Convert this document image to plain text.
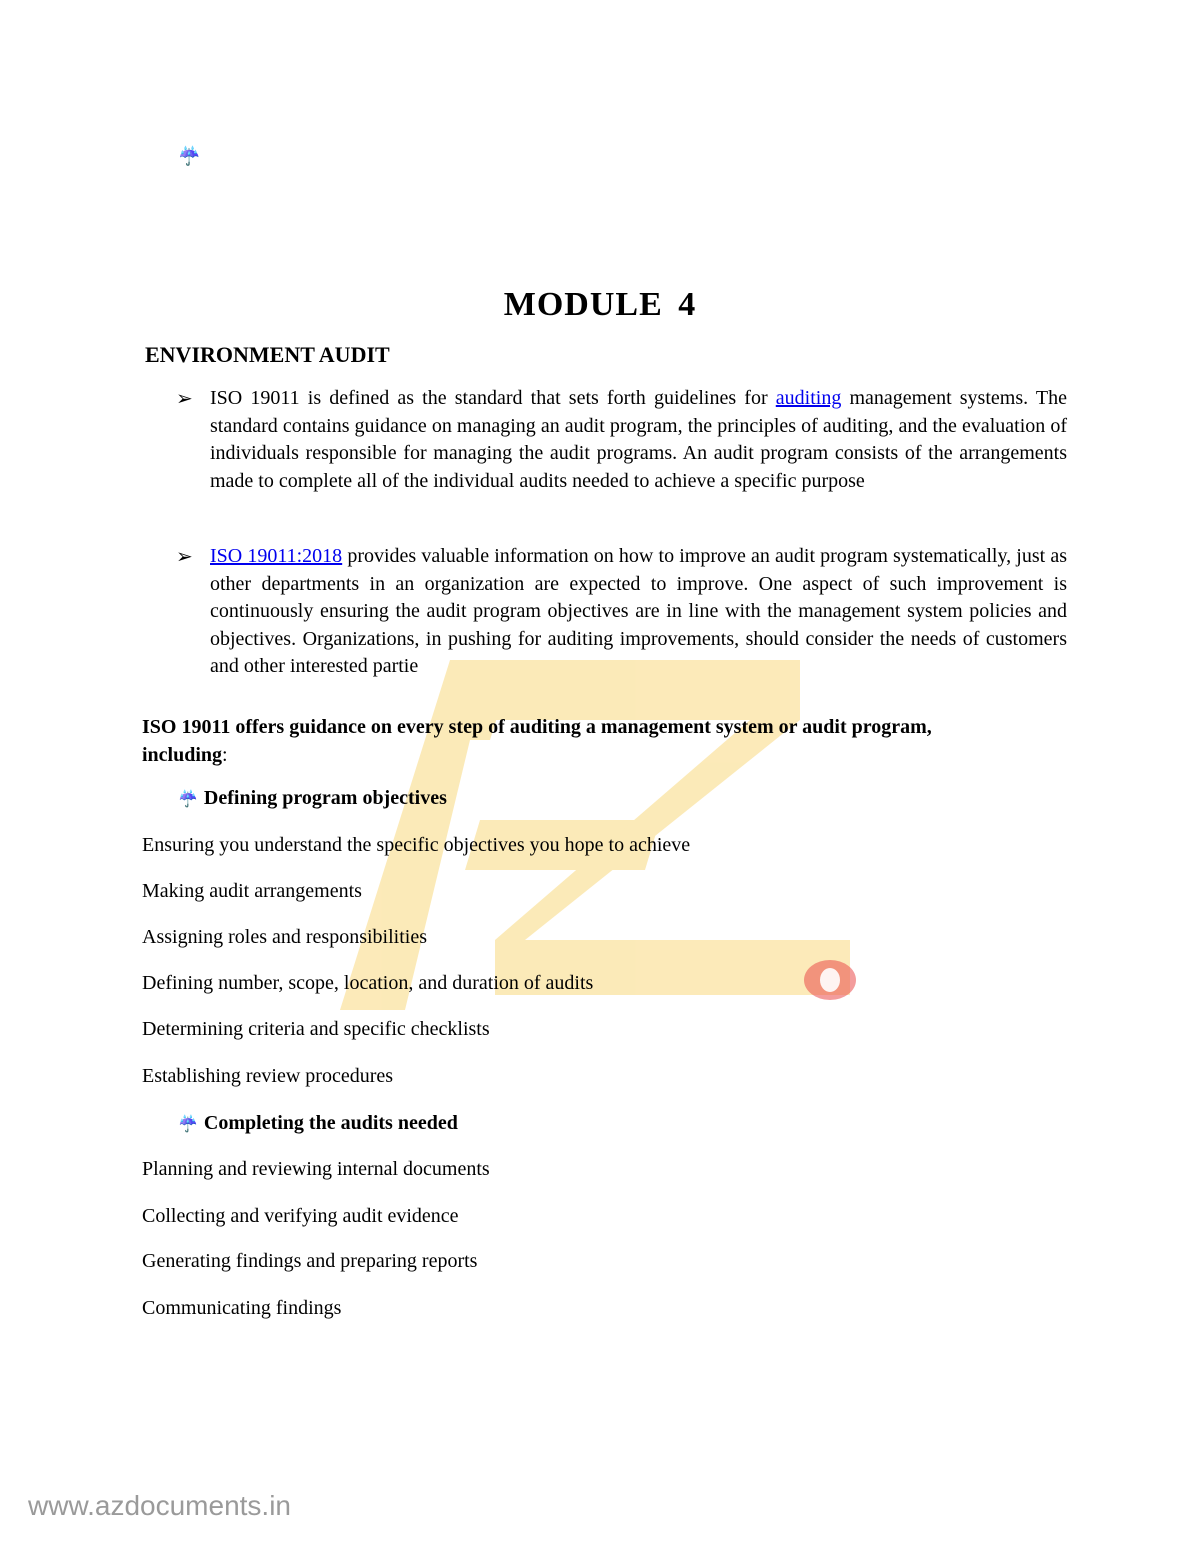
☔
MODULE 4
ENVIRONMENT AUDIT
➢ ISO 19011 is defined as the standard that sets forth guidelines for auditing management systems. The standard contains guidance on managing an audit program, the principles of auditing, and the evaluation of individuals responsible for managing the audit programs. An audit program consists of the arrangements made to complete all of the individual audits needed to achieve a specific purpose

➢ ISO 19011:2018 provides valuable information on how to improve an audit program systematically, just as other departments in an organization are expected to improve. One aspect of such improvement is continuously ensuring the audit program objectives are in line with the management system policies and objectives. Organizations, in pushing for auditing improvements, should consider the needs of customers and other interested partie

ISO 19011 offers guidance on every step of auditing a management system or audit program, including:

☔ Defining program objectives

Ensuring you understand the specific objectives you hope to achieve

Making audit arrangements

Assigning roles and responsibilities

Defining number, scope, location, and duration of audits

Determining criteria and specific checklists

Establishing review procedures

☔ Completing the audits needed

Planning and reviewing internal documents

Collecting and verifying audit evidence

Generating findings and preparing reports

Communicating findings

www.azdocuments.in
